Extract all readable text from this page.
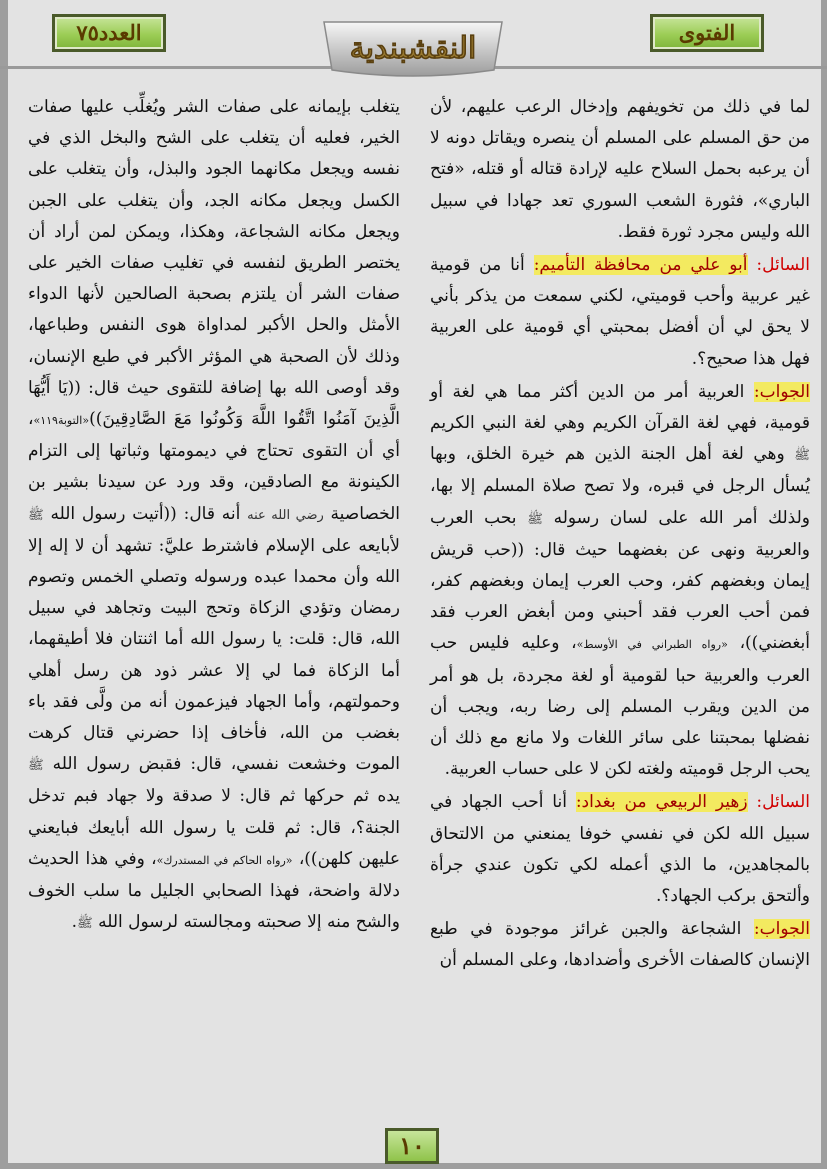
العدد٧٥	الفتوى
النقشبندية

لما في ذلك من تخويفهم وإدخال الرعب عليهم، لأن من حق المسلم على المسلم أن ينصره ويقاتل دونه لا أن يرعبه بحمل السلاح عليه لإرادة قتاله أو قتله، «فتح الباري»، فثورة الشعب السوري تعد جهادا في سبيل الله وليس مجرد ثورة فقط.

السائل: أبو علي من محافظة التأميم: أنا من قومية غير عربية وأحب قوميتي، لكني سمعت من يذكر بأني لا يحق لي أن أفضل بمحبتي أي قومية على العربية فهل هذا صحيح؟.

الجواب: العربية أمر من الدين أكثر مما هي لغة أو قومية، فهي لغة القرآن الكريم وهي لغة النبي الكريم ﷺ وهي لغة أهل الجنة الذين هم خيرة الخلق، وبها يُسأل الرجل في قبره، ولا تصح صلاة المسلم إلا بها، ولذلك أمر الله على لسان رسوله ﷺ بحب العرب والعربية ونهى عن بغضهما حيث قال: ((حب قريش إيمان وبغضهم كفر، وحب العرب إيمان وبغضهم كفر، فمن أحب العرب فقد أحبني ومن أبغض العرب فقد أبغضني))، «رواه الطبراني في الأوسط»، وعليه فليس حب العرب والعربية حبا لقومية أو لغة مجردة، بل هو أمر من الدين ويقرب المسلم إلى رضا ربه، ويجب أن نفضلها بمحبتنا على سائر اللغات ولا مانع مع ذلك أن يحب الرجل قوميته ولغته لكن لا على حساب العربية.

السائل: زهير الربيعي من بغداد: أنا أحب الجهاد في سبيل الله لكن في نفسي خوفا يمنعني من الالتحاق بالمجاهدين، ما الذي أعمله لكي تكون عندي جرأة وألتحق بركب الجهاد؟.

الجواب: الشجاعة والجبن غرائز موجودة في طبع الإنسان كالصفات الأخرى وأضدادها، وعلى المسلم أن

يتغلب بإيمانه على صفات الشر ويُغلِّب عليها صفات الخير، فعليه أن يتغلب على الشح والبخل الذي في نفسه ويجعل مكانهما الجود والبذل، وأن يتغلب على الكسل ويجعل مكانه الجد، وأن يتغلب على الجبن ويجعل مكانه الشجاعة، وهكذا، ويمكن لمن أراد أن يختصر الطريق لنفسه في تغليب صفات الخير على صفات الشر أن يلتزم بصحبة الصالحين لأنها الدواء الأمثل والحل الأكبر لمداواة هوى النفس وطباعها، وذلك لأن الصحبة هي المؤثر الأكبر في طبع الإنسان، وقد أوصى الله بها إضافة للتقوى حيث قال: ((يَا أَيُّهَا الَّذِينَ آمَنُوا اتَّقُوا اللَّهَ وَكُونُوا مَعَ الصَّادِقِينَ))«التوبة١١٩»، أي أن التقوى تحتاج في ديمومتها وثباتها إلى التزام الكينونة مع الصادقين، وقد ورد عن سيدنا بشير بن الخصاصية رضي الله عنه أنه قال: ((أتيت رسول الله ﷺ لأبايعه على الإسلام فاشترط عليَّ: تشهد أن لا إله إلا الله وأن محمدا عبده ورسوله وتصلي الخمس وتصوم رمضان وتؤدي الزكاة وتحج البيت وتجاهد في سبيل الله، قال: قلت: يا رسول الله أما اثنتان فلا أطيقهما، أما الزكاة فما لي إلا عشر ذود هن رسل أهلي وحمولتهم، وأما الجهاد فيزعمون أنه من ولَّى فقد باء بغضب من الله، فأخاف إذا حضرني قتال كرهت الموت وخشعت نفسي، قال: فقبض رسول الله ﷺ يده ثم حركها ثم قال: لا صدقة ولا جهاد فبم تدخل الجنة؟، قال: ثم قلت يا رسول الله أبايعك فبايعني عليهن كلهن))، «رواه الحاكم في المستدرك»، وفي هذا الحديث دلالة واضحة، فهذا الصحابي الجليل ما سلب الخوف والشح منه إلا صحبته ومجالسته لرسول الله ﷺ.

١٠
